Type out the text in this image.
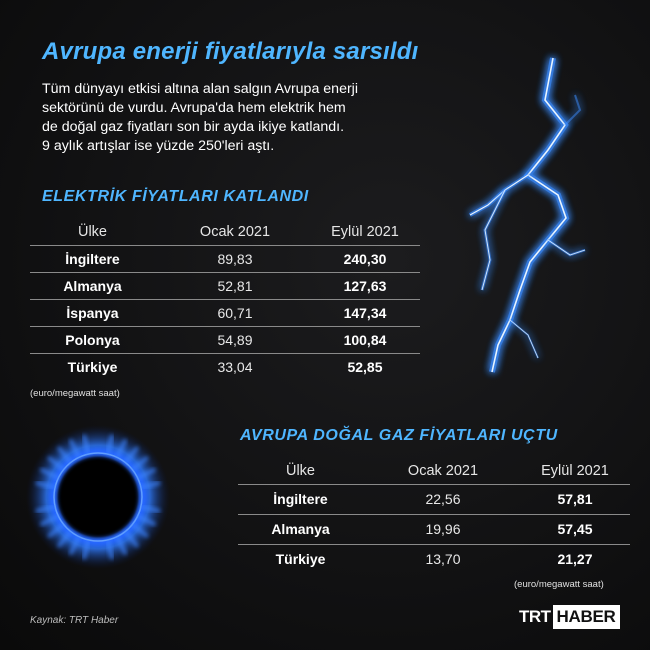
Avrupa enerji fiyatlarıyla sarsıldı

Tüm dünyayı etkisi altına alan salgın Avrupa enerji

sektörünü de vurdu. Avrupa'da hem elektrik hem

de doğal gaz fiyatları son bir ayda ikiye katlandı.

9 aylık artışlar ise yüzde 250'leri aştı.

ELEKTRİK FİYATLARI KATLANDI
Ülke	Ocak 2021	Eylül 2021
İngiltere	89,83	240,30
Almanya	52,81	127,63
İspanya	60,71	147,34
Polonya	54,89	100,84
Türkiye	33,04	52,85
(euro/megawatt saat)
AVRUPA DOĞAL GAZ FİYATLARI UÇTU
Ülke	Ocak 2021	Eylül 2021
İngiltere	22,56	57,81
Almanya	19,96	57,45
Türkiye	13,70	21,27
(euro/megawatt saat)
Kaynak: TRT Haber	TRT HABER
